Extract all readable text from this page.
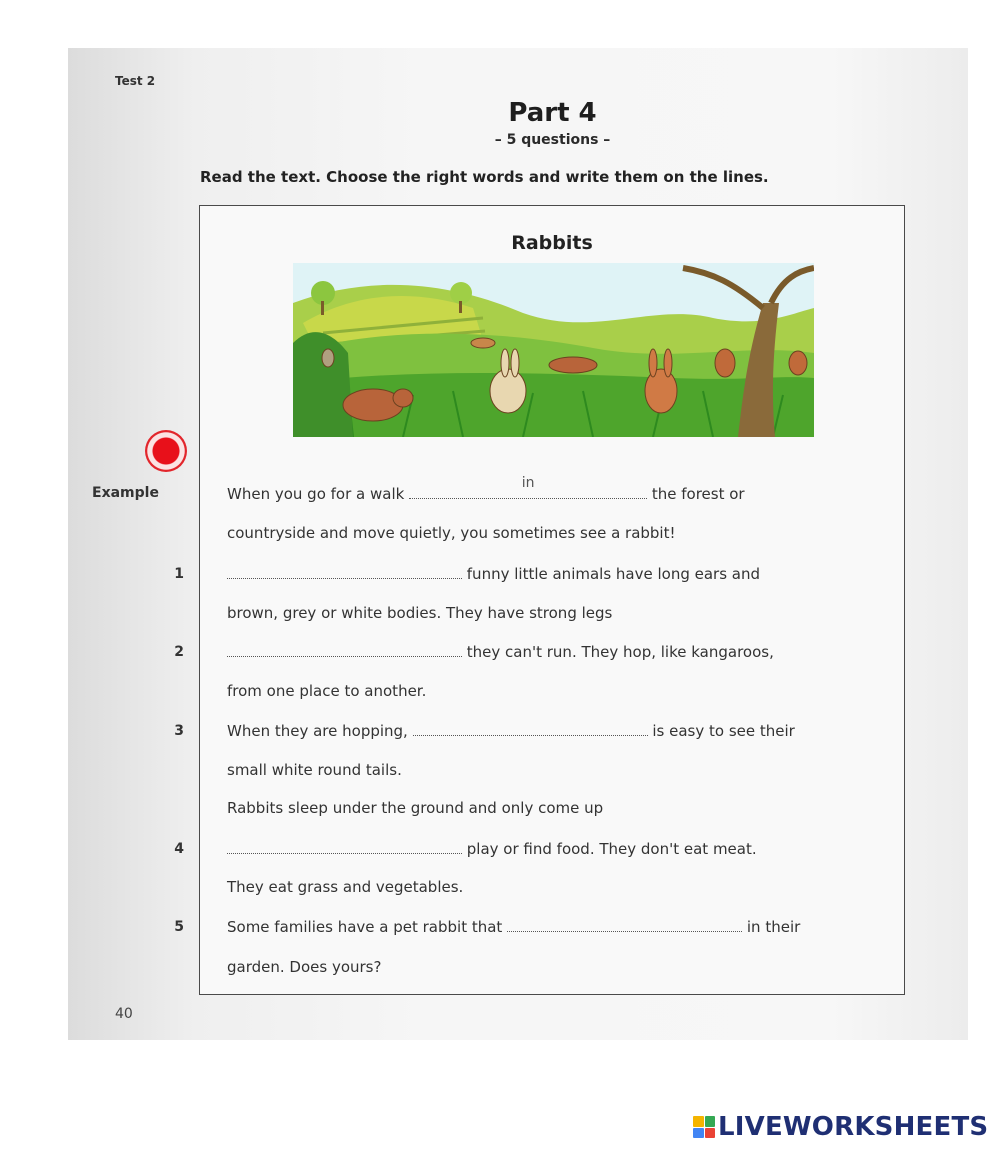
Test 2
Part 4
– 5 questions –
Read the text. Choose the right words and write them on the lines.
Rabbits
Example	When you go for a walk
in
the forest or
countryside and move quietly, you sometimes see a rabbit!
1	funny little animals have long ears and
brown, grey or white bodies. They have strong legs
2	they can't run. They hop, like kangaroos,
from one place to another.
3	When they are hopping,	is easy to see their
small white round tails.
Rabbits sleep under the ground and only come up
4	play or find food. They don't eat meat.
They eat grass and vegetables.
5	Some families have a pet rabbit that	in their
garden. Does yours?
40
LIVEWORKSHEETS
